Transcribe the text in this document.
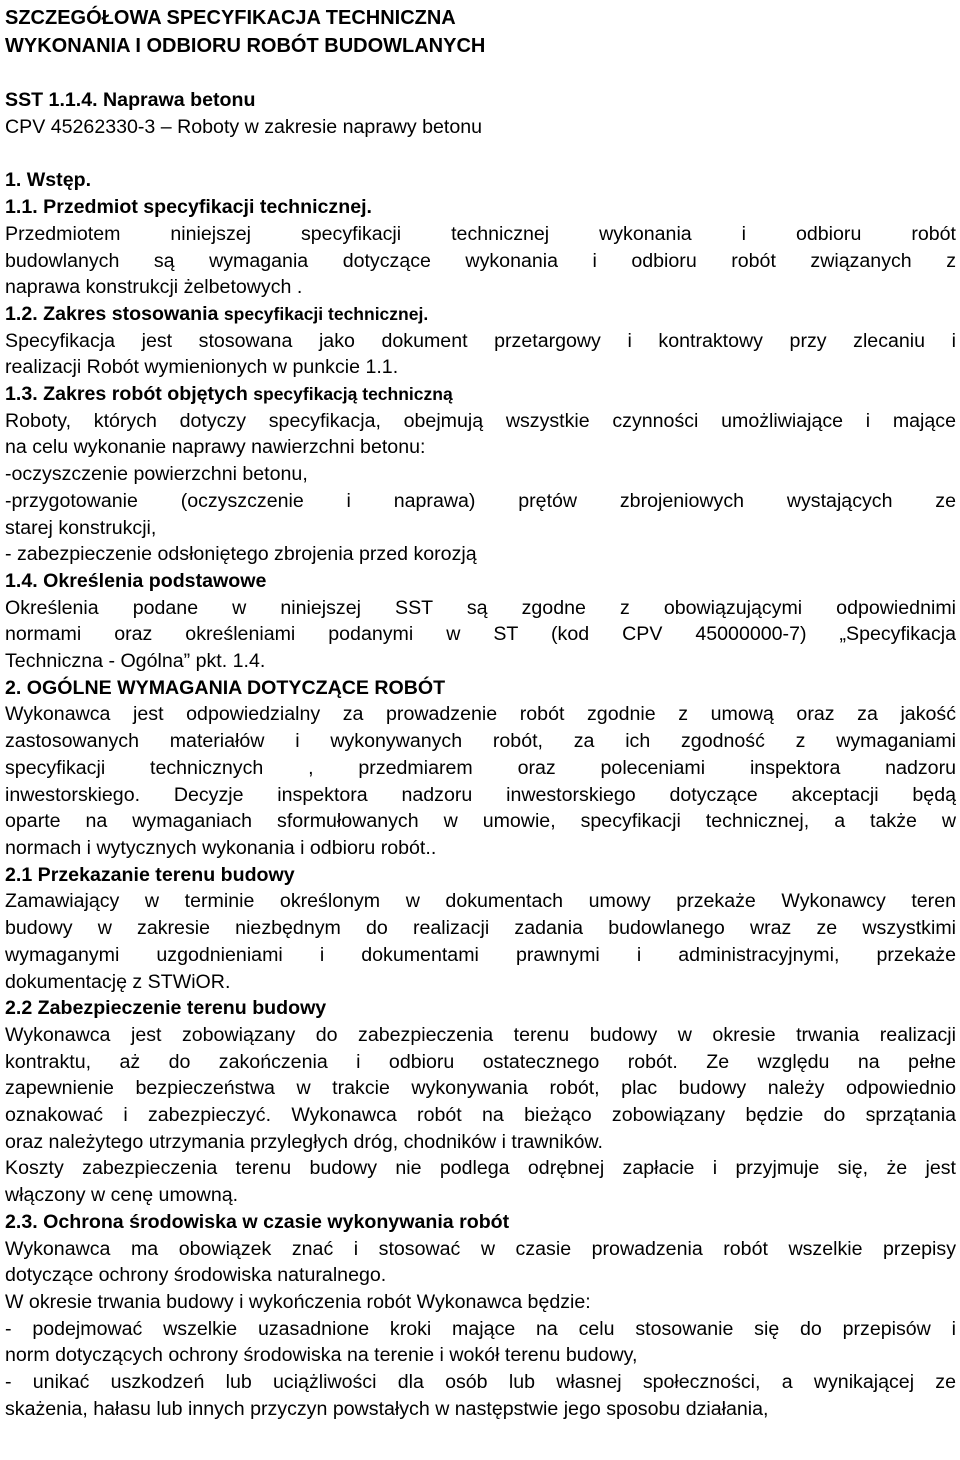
SZCZEGÓŁOWA SPECYFIKACJA TECHNICZNA

WYKONANIA I ODBIORU ROBÓT BUDOWLANYCH

SST 1.1.4. Naprawa betonu

CPV 45262330-3 – Roboty w zakresie naprawy betonu

1. Wstęp.

1.1. Przedmiot specyfikacji technicznej.

Przedmiotem niniejszej specyfikacji technicznej wykonania i odbioru robót

budowlanych są wymagania dotyczące wykonania i odbioru robót związanych z

naprawa konstrukcji żelbetowych .

1.2. Zakres stosowania specyfikacji technicznej.

Specyfikacja jest stosowana jako dokument przetargowy i kontraktowy przy zlecaniu i

realizacji Robót wymienionych w punkcie 1.1.

1.3. Zakres robót objętych specyfikacją techniczną

Roboty, których dotyczy specyfikacja, obejmują wszystkie czynności umożliwiające i mające

na celu wykonanie naprawy nawierzchni betonu:

-oczyszczenie powierzchni betonu,

-przygotowanie (oczyszczenie i naprawa) prętów zbrojeniowych wystających ze

starej konstrukcji,

- zabezpieczenie odsłoniętego zbrojenia przed korozją

1.4. Określenia podstawowe

Określenia podane w niniejszej SST są zgodne z obowiązującymi odpowiednimi

normami oraz określeniami podanymi w ST (kod CPV 45000000-7) „Specyfikacja

Techniczna - Ogólna” pkt. 1.4.

2. OGÓLNE WYMAGANIA DOTYCZĄCE ROBÓT

Wykonawca jest odpowiedzialny za prowadzenie robót zgodnie z umową oraz za jakość

zastosowanych materiałów i wykonywanych robót, za ich zgodność z wymaganiami

specyfikacji technicznych , przedmiarem oraz poleceniami inspektora nadzoru

inwestorskiego. Decyzje inspektora nadzoru inwestorskiego dotyczące akceptacji będą

oparte na wymaganiach sformułowanych w umowie, specyfikacji technicznej, a także w

normach i wytycznych wykonania i odbioru robót..

2.1 Przekazanie terenu budowy

Zamawiający w terminie określonym w dokumentach umowy przekaże Wykonawcy teren

budowy w zakresie niezbędnym do realizacji zadania budowlanego wraz ze wszystkimi

wymaganymi uzgodnieniami i dokumentami prawnymi i administracyjnymi, przekaże

dokumentację z STWiOR.

2.2 Zabezpieczenie terenu budowy

Wykonawca jest zobowiązany do zabezpieczenia terenu budowy w okresie trwania realizacji

kontraktu, aż do zakończenia i odbioru ostatecznego robót. Ze względu na pełne

zapewnienie bezpieczeństwa w trakcie wykonywania robót, plac budowy należy odpowiednio

oznakować i zabezpieczyć. Wykonawca robót na bieżąco zobowiązany będzie do sprzątania

oraz należytego utrzymania przyległych dróg, chodników i trawników.

Koszty zabezpieczenia terenu budowy nie podlega odrębnej zapłacie i przyjmuje się, że jest

włączony w cenę umowną.

2.3. Ochrona środowiska w czasie wykonywania robót

Wykonawca ma obowiązek znać i stosować w czasie prowadzenia robót wszelkie przepisy

dotyczące ochrony środowiska naturalnego.

W okresie trwania budowy i wykończenia robót Wykonawca będzie:

- podejmować wszelkie uzasadnione kroki mające na celu stosowanie się do przepisów i

norm dotyczących ochrony środowiska na terenie i wokół terenu budowy,

- unikać uszkodzeń lub uciążliwości dla osób lub własnej społeczności, a wynikającej ze

skażenia, hałasu lub innych przyczyn powstałych w następstwie jego sposobu działania,
